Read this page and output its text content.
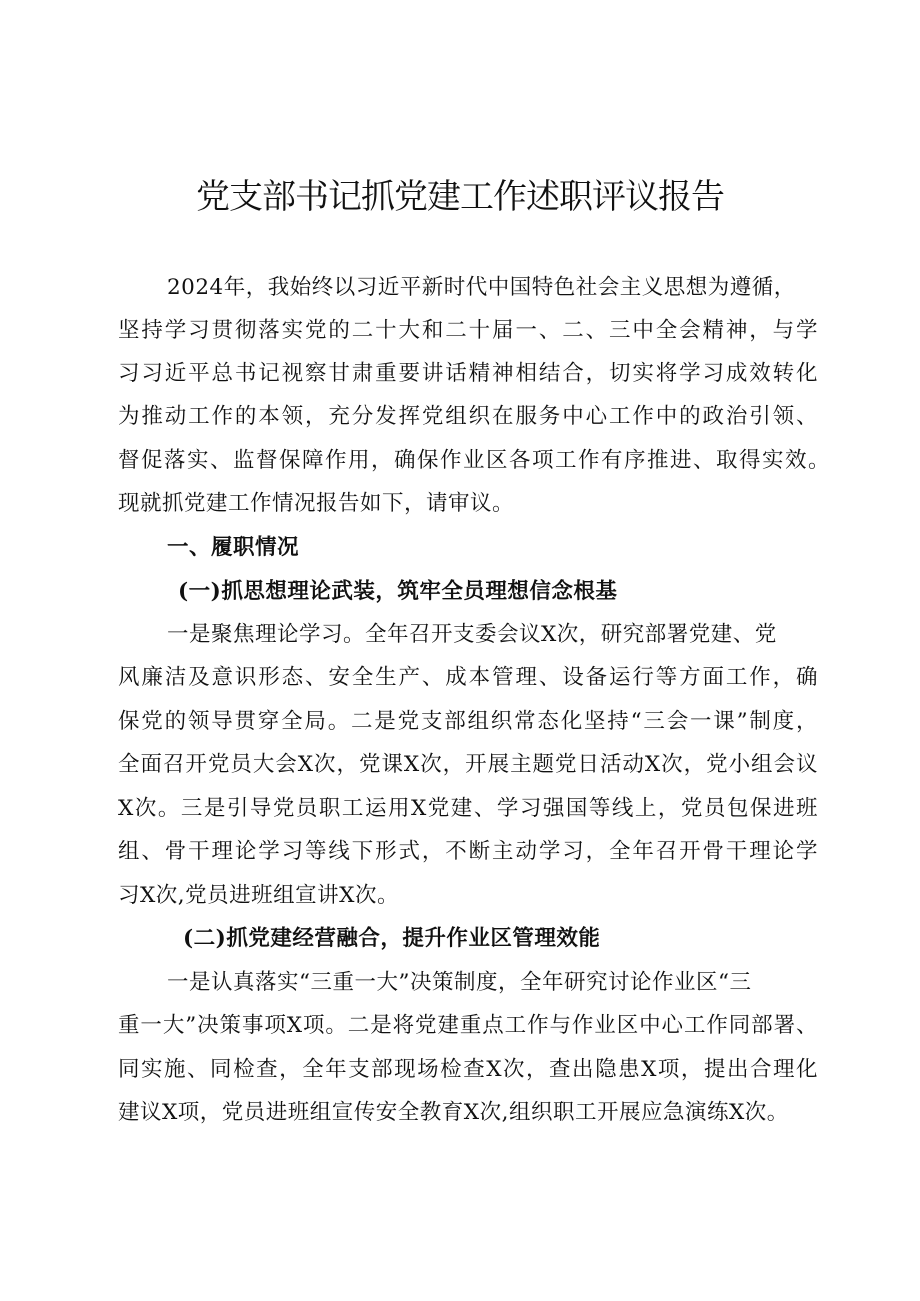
党支部书记抓党建工作述职评议报告
2024年，我始终以习近平新时代中国特色社会主义思想为遵循，
坚持学习贯彻落实党的二十大和二十届一、二、三中全会精神，与学
习习近平总书记视察甘肃重要讲话精神相结合，切实将学习成效转化
为推动工作的本领，充分发挥党组织在服务中心工作中的政治引领、
督促落实、监督保障作用，确保作业区各项工作有序推进、取得实效。
现就抓党建工作情况报告如下，请审议。
一、履职情况
(一)抓思想理论武装，筑牢全员理想信念根基
一是聚焦理论学习。全年召开支委会议X次，研究部署党建、党
风廉洁及意识形态、安全生产、成本管理、设备运行等方面工作，确
保党的领导贯穿全局。二是党支部组织常态化坚持“三会一课”制度，
全面召开党员大会X次，党课X次，开展主题党日活动X次，党小组会议
X次。三是引导党员职工运用X党建、学习强国等线上，党员包保进班
组、骨干理论学习等线下形式，不断主动学习，全年召开骨干理论学
习X次,党员进班组宣讲X次。
(二)抓党建经营融合，提升作业区管理效能
一是认真落实“三重一大”决策制度，全年研究讨论作业区“三
重一大”决策事项X项。二是将党建重点工作与作业区中心工作同部署、
同实施、同检查，全年支部现场检查X次，查出隐患X项，提出合理化
建议X项，党员进班组宣传安全教育X次,组织职工开展应急演练X次。
